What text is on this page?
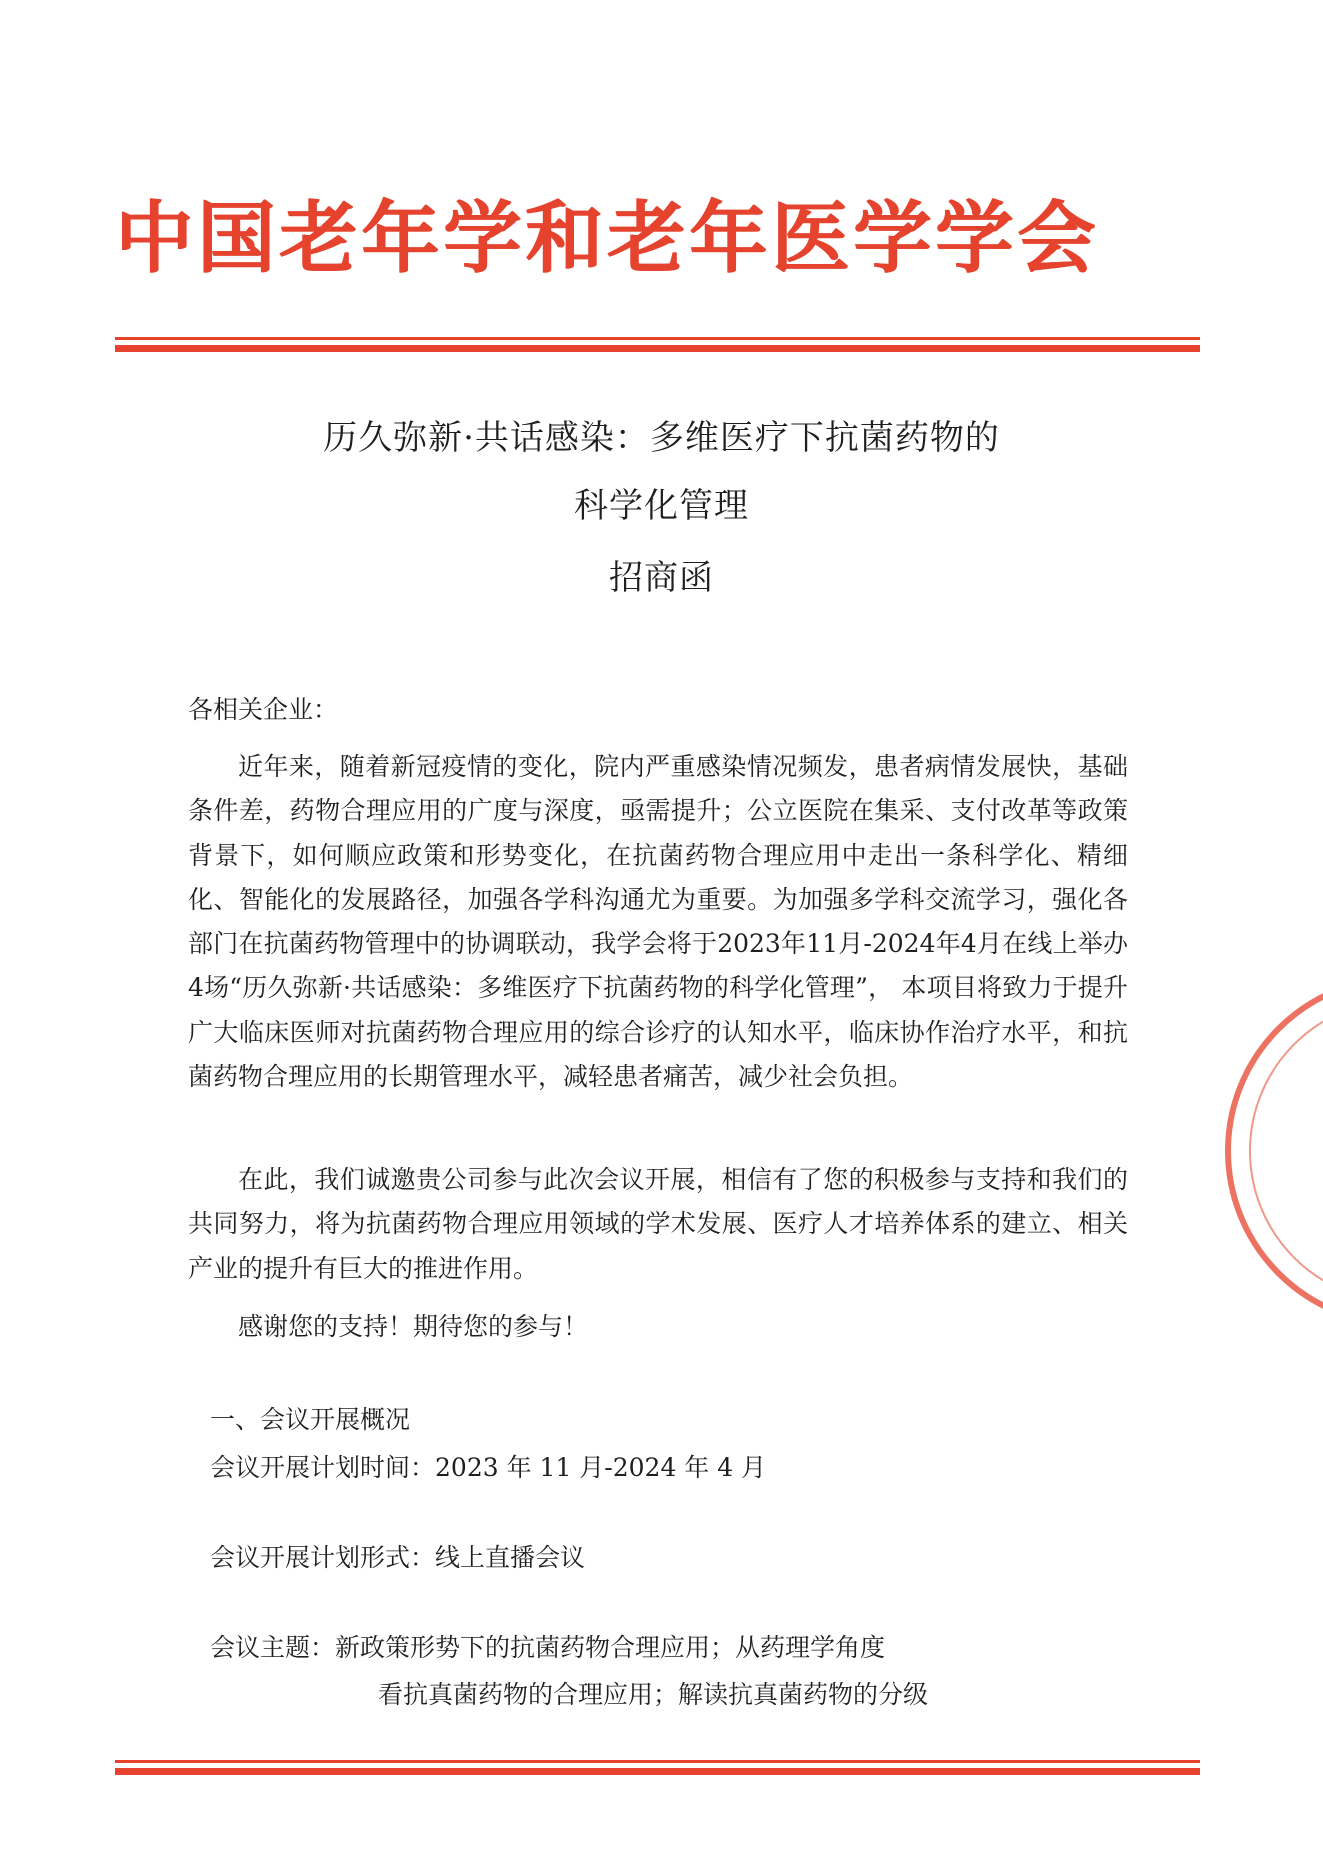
中国老年学和老年医学学会
历久弥新·共话感染：多维医疗下抗菌药物的
科学化管理
招商函
各相关企业：
近年来，随着新冠疫情的变化，院内严重感染情况频发，患者病情发展快，基础条件差，药物合理应用的广度与深度，亟需提升；公立医院在集采、支付改革等政策背景下，如何顺应政策和形势变化，在抗菌药物合理应用中走出一条科学化、精细化、智能化的发展路径，加强各学科沟通尤为重要。为加强多学科交流学习，强化各部门在抗菌药物管理中的协调联动，我学会将于2023年11月-2024年4月在线上举办4场“历久弥新·共话感染：多维医疗下抗菌药物的科学化管理”， 本项目将致力于提升广大临床医师对抗菌药物合理应用的综合诊疗的认知水平，临床协作治疗水平，和抗菌药物合理应用的长期管理水平，减轻患者痛苦，减少社会负担。
在此，我们诚邀贵公司参与此次会议开展，相信有了您的积极参与支持和我们的共同努力，将为抗菌药物合理应用领域的学术发展、医疗人才培养体系的建立、相关产业的提升有巨大的推进作用。
感谢您的支持！期待您的参与！
一、会议开展概况
会议开展计划时间：2023 年 11 月-2024 年 4 月
会议开展计划形式：线上直播会议
会议主题：新政策形势下的抗菌药物合理应用；从药理学角度
看抗真菌药物的合理应用；解读抗真菌药物的分级
